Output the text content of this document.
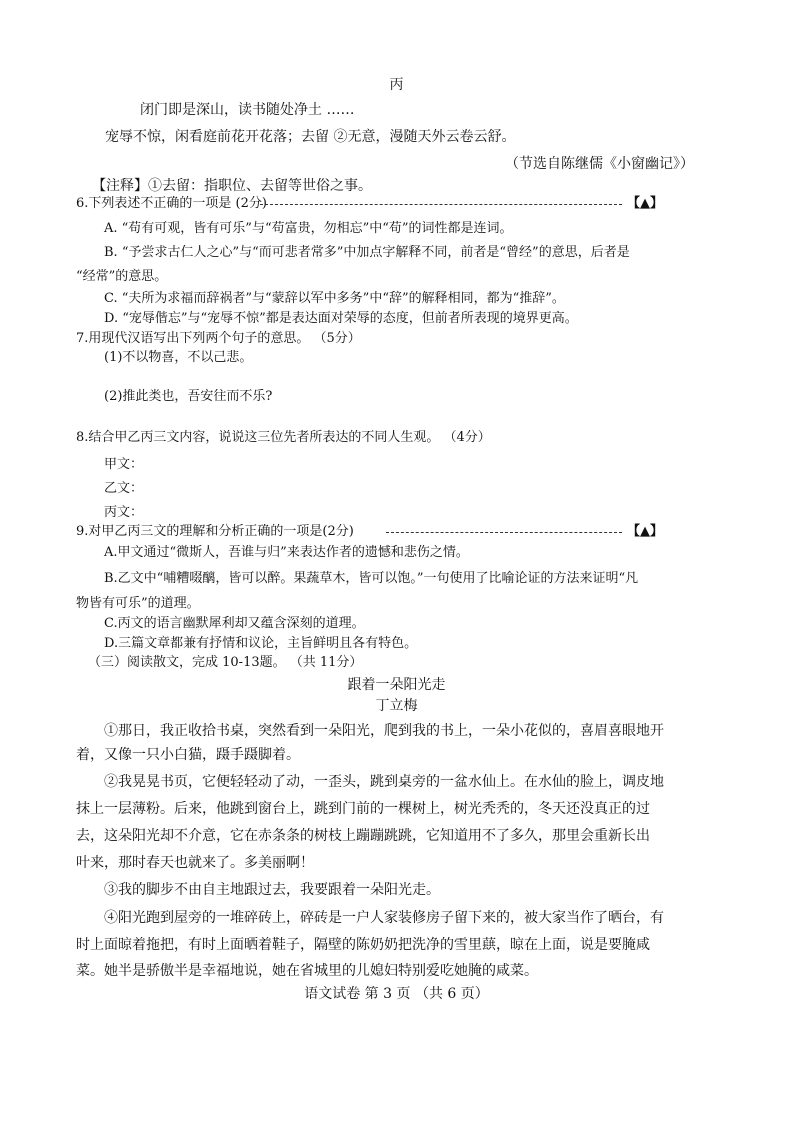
丙
闭门即是深山，读书随处净土 ……
宠辱不惊，闲看庭前花开花落；去留 ②无意，漫随天外云卷云舒。
（节选自陈继儒《小窗幽记》）
【注释】①去留：指职位、去留等世俗之事。
6.下列表述不正确的一项是 (2分)	【▲】
A. “苟有可观，皆有可乐”与“苟富贵，勿相忘”中“苟”的词性都是连词。
B. “予尝求古仁人之心”与“而可悲者常多”中加点字解释不同，前者是“曾经”的意思，后者是
“经常”的意思。
C. “夫所为求福而辞祸者”与“蒙辞以军中多务”中“辞”的解释相同，都为“推辞”。
D. “宠辱偕忘”与“宠辱不惊”都是表达面对荣辱的态度，但前者所表现的境界更高。
7.用现代汉语写出下列两个句子的意思。 （5分）
(1)不以物喜，不以己悲。
(2)推此类也，吾安往而不乐?
8.结合甲乙丙三文内容，说说这三位先者所表达的不同人生观。 （4分）
甲文：
乙文：
丙文：
9.对甲乙丙三文的理解和分析正确的一项是(2分)	【▲】
A.甲文通过“微斯人，吾谁与归”来表达作者的遗憾和悲伤之情。
B.乙文中“哺糟啜醨，皆可以醉。果蔬草木，皆可以饱。”一句使用了比喻论证的方法来证明“凡
物皆有可乐”的道理。
C.丙文的语言幽默犀利却又蕴含深刻的道理。
D.三篇文章都兼有抒情和议论，主旨鲜明且各有特色。
（三）阅读散文，完成 10-13题。 （共 11分）
跟着一朵阳光走
丁立梅
①那日，我正收拾书桌，突然看到一朵阳光，爬到我的书上，一朵小花似的，喜眉喜眼地开
着，又像一只小白猫，蹑手蹑脚着。
②我晃晃书页，它便轻轻动了动，一歪头，跳到桌旁的一盆水仙上。在水仙的脸上，调皮地
抹上一层薄粉。后来，他跳到窗台上，跳到门前的一棵树上，树光秃秃的，冬天还没真正的过
去，这朵阳光却不介意，它在赤条条的树枝上蹦蹦跳跳，它知道用不了多久，那里会重新长出
叶来，那时春天也就来了。多美丽啊！
③我的脚步不由自主地跟过去，我要跟着一朵阳光走。
④阳光跑到屋旁的一堆碎砖上，碎砖是一户人家装修房子留下来的，被大家当作了晒台，有
时上面晾着拖把，有时上面晒着鞋子，隔壁的陈奶奶把洗净的雪里蕻，晾在上面，说是要腌咸
菜。她半是骄傲半是幸福地说，她在省城里的儿媳妇特别爱吃她腌的咸菜。
语文试卷 第 3 页 （共 6 页）
